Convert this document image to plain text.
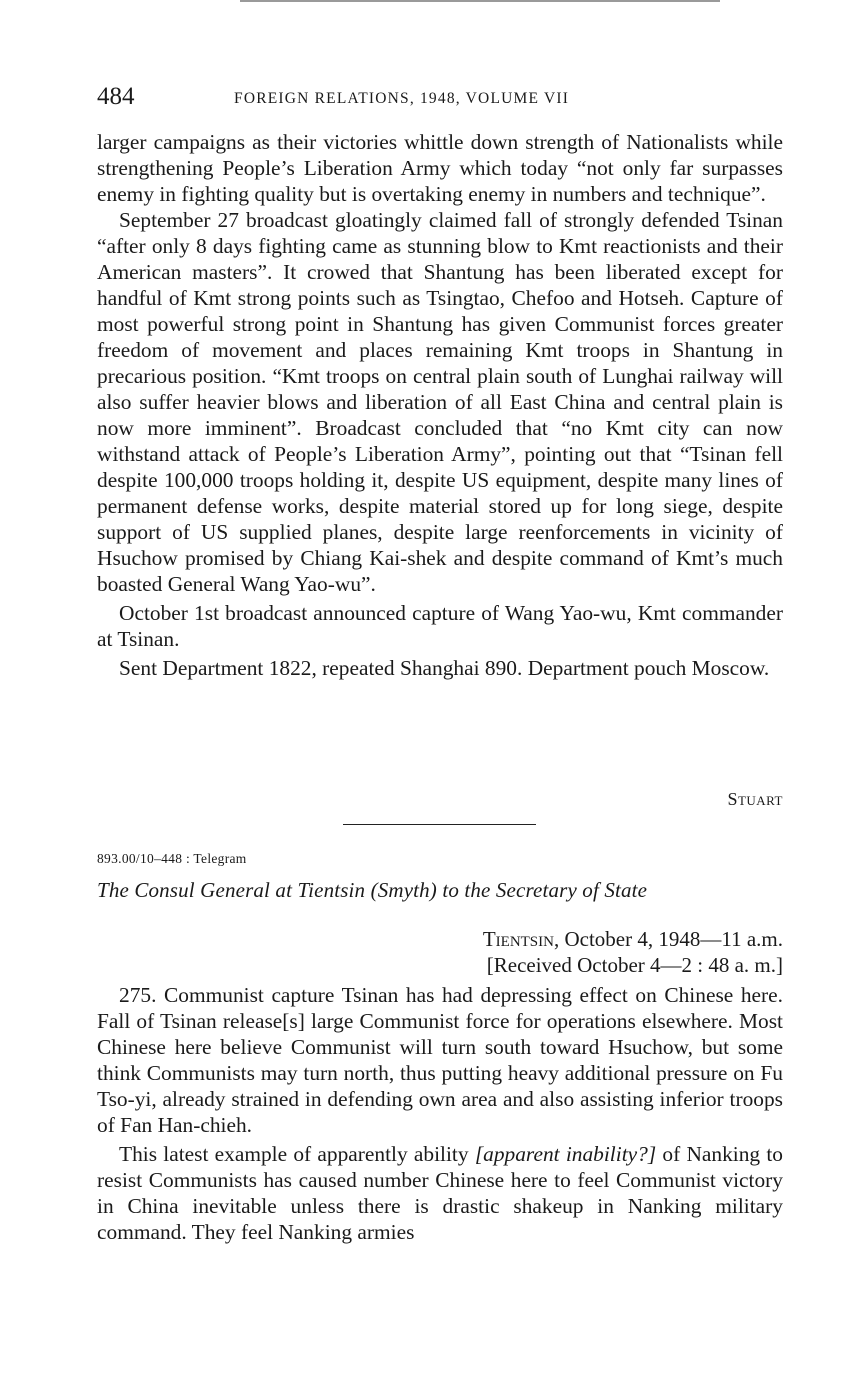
484	FOREIGN RELATIONS, 1948, VOLUME VII

larger campaigns as their victories whittle down strength of Nationalists while strengthening People’s Liberation Army which today “not only far surpasses enemy in fighting quality but is overtaking enemy in numbers and technique”.

September 27 broadcast gloatingly claimed fall of strongly defended Tsinan “after only 8 days fighting came as stunning blow to Kmt reactionists and their American masters”. It crowed that Shantung has been liberated except for handful of Kmt strong points such as Tsingtao, Chefoo and Hotseh. Capture of most powerful strong point in Shantung has given Communist forces greater freedom of movement and places remaining Kmt troops in Shantung in precarious position. “Kmt troops on central plain south of Lunghai railway will also suffer heavier blows and liberation of all East China and central plain is now more imminent”. Broadcast concluded that “no Kmt city can now withstand attack of People’s Liberation Army”, pointing out that “Tsinan fell despite 100,000 troops holding it, despite US equipment, despite many lines of permanent defense works, despite material stored up for long siege, despite support of US supplied planes, despite large reenforcements in vicinity of Hsuchow promised by Chiang Kai-shek and despite command of Kmt’s much boasted General Wang Yao-wu”.

October 1st broadcast announced capture of Wang Yao-wu, Kmt commander at Tsinan.

Sent Department 1822, repeated Shanghai 890. Department pouch Moscow.

Stuart
893.00/10–448 : Telegram
The Consul General at Tientsin (Smyth) to the Secretary of State
Tientsin, October 4, 1948—11 a.m.
[Received October 4—2 : 48 a. m.]

275. Communist capture Tsinan has had depressing effect on Chinese here. Fall of Tsinan release[s] large Communist force for operations elsewhere. Most Chinese here believe Communist will turn south toward Hsuchow, but some think Communists may turn north, thus putting heavy additional pressure on Fu Tso-yi, already strained in defending own area and also assisting inferior troops of Fan Han-chieh.

This latest example of apparently ability [apparent inability?] of Nanking to resist Communists has caused number Chinese here to feel Communist victory in China inevitable unless there is drastic shakeup in Nanking military command. They feel Nanking armies
